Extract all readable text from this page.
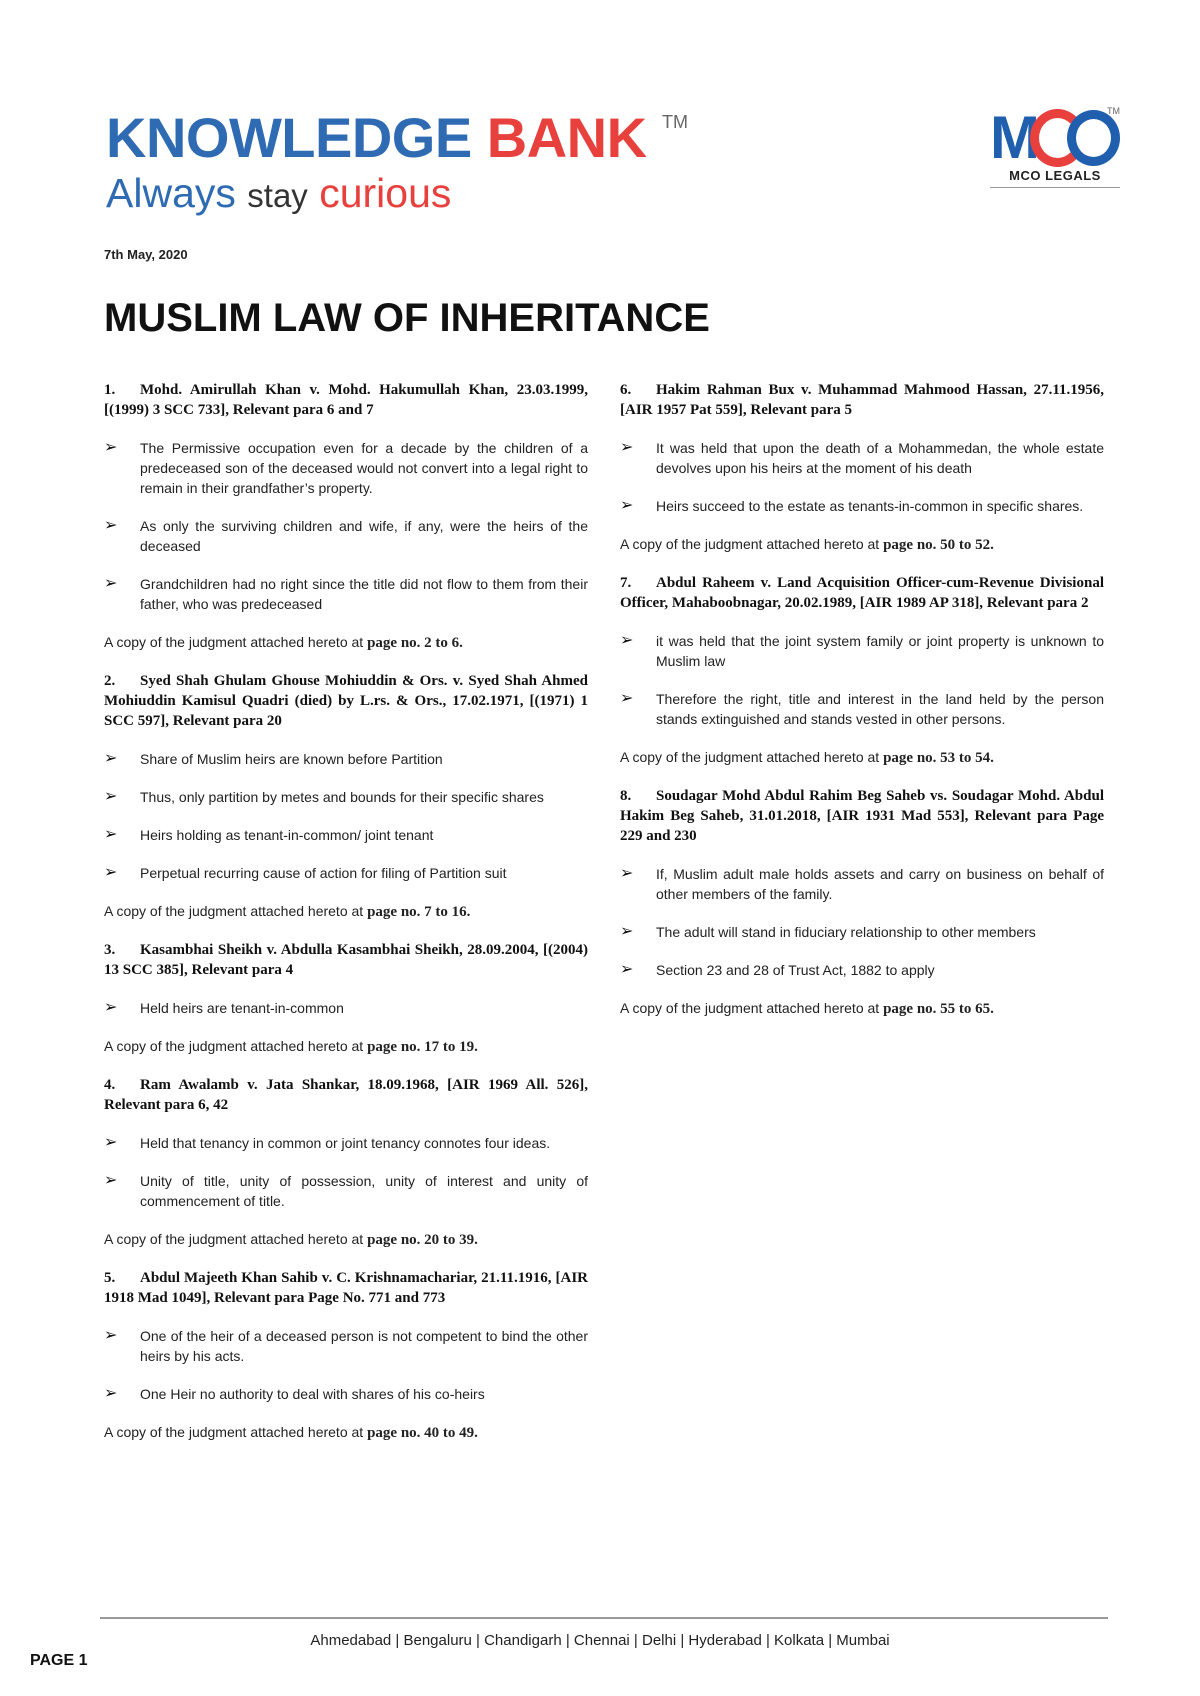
KNOWLEDGE BANK
Always stay curious
TM
TM
M
MCO LEGALS
7th May, 2020
MUSLIM LAW OF INHERITANCE
1. Mohd. Amirullah Khan v. Mohd. Hakumullah Khan, 23.03.1999, [(1999) 3 SCC 733], Relevant para 6 and 7
➢ The Permissive occupation even for a decade by the children of a predeceased son of the deceased would not convert into a legal right to remain in their grandfather’s property.
➢ As only the surviving children and wife, if any, were the heirs of the deceased
➢ Grandchildren had no right since the title did not flow to them from their father, who was predeceased

A copy of the judgment attached hereto at page no. 2 to 6.

2. Syed Shah Ghulam Ghouse Mohiuddin & Ors. v. Syed Shah Ahmed Mohiuddin Kamisul Quadri (died) by L.rs. & Ors., 17.02.1971, [(1971) 1 SCC 597], Relevant para 20
➢ Share of Muslim heirs are known before Partition
➢ Thus, only partition by metes and bounds for their specific shares
➢ Heirs holding as tenant-in-common/ joint tenant
➢ Perpetual recurring cause of action for filing of Partition suit

A copy of the judgment attached hereto at page no. 7 to 16.

3. Kasambhai Sheikh v. Abdulla Kasambhai Sheikh, 28.09.2004, [(2004) 13 SCC 385], Relevant para 4
➢ Held heirs are tenant-in-common

A copy of the judgment attached hereto at page no. 17 to 19.

4. Ram Awalamb v. Jata Shankar, 18.09.1968, [AIR 1969 All. 526], Relevant para 6, 42
➢ Held that tenancy in common or joint tenancy connotes four ideas.
➢ Unity of title, unity of possession, unity of interest and unity of commencement of title.

A copy of the judgment attached hereto at page no. 20 to 39.

5. Abdul Majeeth Khan Sahib v. C. Krishnamachariar, 21.11.1916, [AIR 1918 Mad 1049], Relevant para Page No. 771 and 773
➢ One of the heir of a deceased person is not competent to bind the other heirs by his acts.
➢ One Heir no authority to deal with shares of his co-heirs

A copy of the judgment attached hereto at page no. 40 to 49.

6. Hakim Rahman Bux v. Muhammad Mahmood Hassan, 27.11.1956, [AIR 1957 Pat 559], Relevant para 5
➢ It was held that upon the death of a Mohammedan, the whole estate devolves upon his heirs at the moment of his death
➢ Heirs succeed to the estate as tenants-in-common in specific shares.

A copy of the judgment attached hereto at page no. 50 to 52.

7. Abdul Raheem v. Land Acquisition Officer-cum-Revenue Divisional Officer, Mahaboobnagar, 20.02.1989, [AIR 1989 AP 318], Relevant para 2
➢ it was held that the joint system family or joint property is unknown to Muslim law
➢ Therefore the right, title and interest in the land held by the person stands extinguished and stands vested in other persons.

A copy of the judgment attached hereto at page no. 53 to 54.

8. Soudagar Mohd Abdul Rahim Beg Saheb vs. Soudagar Mohd. Abdul Hakim Beg Saheb, 31.01.2018, [AIR 1931 Mad 553], Relevant para Page 229 and 230
➢ If, Muslim adult male holds assets and carry on business on behalf of other members of the family.
➢ The adult will stand in fiduciary relationship to other members
➢ Section 23 and 28 of Trust Act, 1882 to apply

A copy of the judgment attached hereto at page no. 55 to 65.

Ahmedabad | Bengaluru | Chandigarh | Chennai | Delhi | Hyderabad | Kolkata | Mumbai
PAGE 1
